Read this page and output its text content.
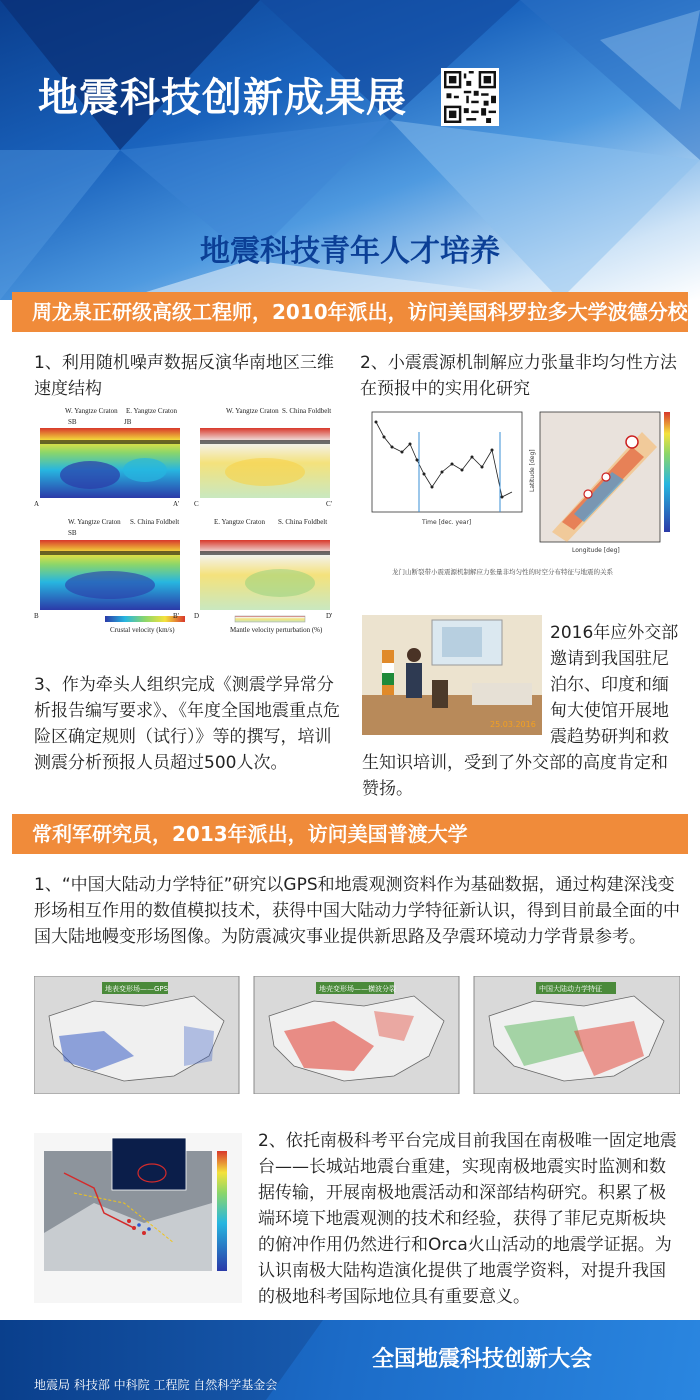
地震科技创新成果展
地震科技青年人才培养
周龙泉正研级高级工程师，2010年派出，访问美国科罗拉多大学波德分校
1、利用随机噪声数据反演华南地区三维速度结构
2、小震震源机制解应力张量非均匀性方法在预报中的实用化研究
W. Yangtze Craton E. Yangtze Craton
SB	JB
A	A'
W. Yangtze Craton S. China Foldbelt
C	C'
W. Yangtze Craton S. China Foldbelt
SB
B	B'
E. Yangtze Craton S. China Foldbelt
D	D'
Crustal velocity (km/s)	Mantle velocity perturbation (%)
Time [dec. year]
Longitude [deg]
Latitude [deg]
龙门山断裂带小震震源机制解应力张量非均匀性的时空分布特征与地震的关系
25.03.2016
2016年应外交部邀请到我国驻尼泊尔、印度和缅甸大使馆开展地震趋势研判和救生知识培训，受到了外交部的高度肯定和赞扬。
3、作为牵头人组织完成《测震学异常分析报告编写要求》、《年度全国地震重点危险区确定规则（试行）》等的撰写，培训测震分析预报人员超过500人次。
常利军研究员，2013年派出，访问美国普渡大学
1、“中国大陆动力学特征”研究以GPS和地震观测资料作为基础数据，通过构建深浅变形场相互作用的数值模拟技术，获得中国大陆动力学特征新认识，得到目前最全面的中国大陆地幔变形场图像。为防震减灾事业提供新思路及孕震环境动力学背景参考。
地表变形场——GPS	地壳变形场——横波分裂	中国大陆动力学特征
2、依托南极科考平台完成目前我国在南极唯一固定地震台——长城站地震台重建，实现南极地震实时监测和数据传输，开展南极地震活动和深部结构研究。积累了极端环境下地震观测的技术和经验，获得了菲尼克斯板块的俯冲作用仍然进行和Orca火山活动的地震学证据。为认识南极大陆构造演化提供了地震学资料，对提升我国的极地科考国际地位具有重要意义。
全国地震科技创新大会
地震局 科技部 中科院 工程院 自然科学基金会
